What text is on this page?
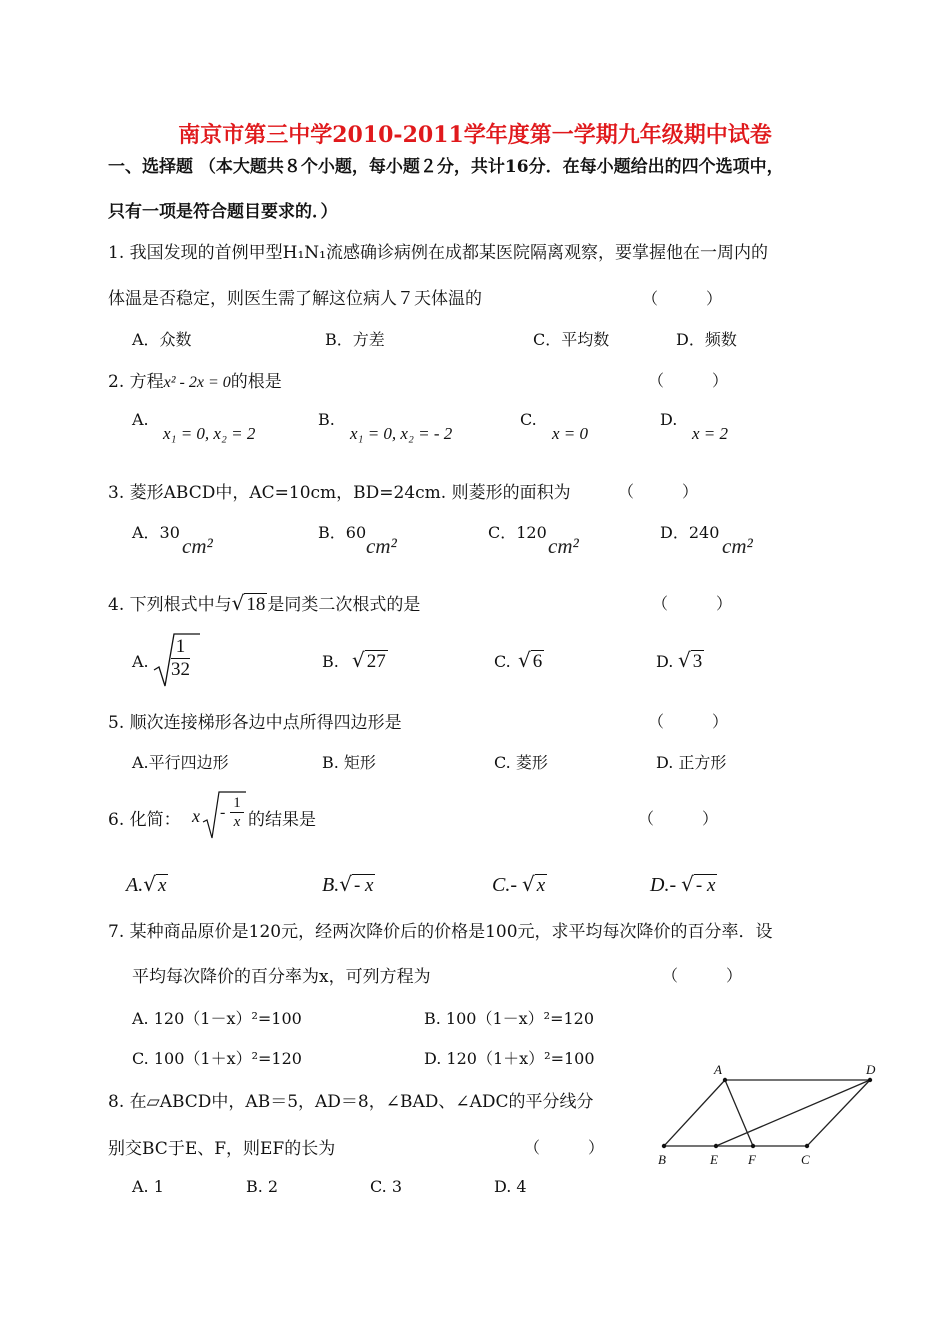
南京市第三中学2010-2011学年度第一学期九年级期中试卷
一、选择题 （本大题共８个小题，每小题２分，共计16分．在每小题给出的四个选项中，
只有一项是符合题目要求的．）
1. 我国发现的首例甲型H₁N₁流感确诊病例在成都某医院隔离观察，要掌握他在一周内的
体温是否稳定，则医生需了解这位病人７天体温的	（　　　）
A．众数	B．方差	C．平均数	D．频数
2. 方程x² - 2x = 0的根是	（　　　）
A.
x₁ = 0, x₂ = 2
B.
x₁ = 0, x₂ = - 2
C.
x = 0
D.
x = 2
3. 菱形ABCD中，AC=10cm，BD=24cm. 则菱形的面积为	（　　　）
A．30
cm²
B．60
cm²
C．120
cm²
D．240
cm²
4. 下列根式中与√ 18 是同类二次根式的是	（　　　）
A. $\frac{1}{32}$	B. √ 27	C. √ 6	D. √ 3
5. 顺次连接梯形各边中点所得四边形是	（　　　）
A.平行四边形	B. 矩形	C. 菱形	D. 正方形
6. 化简： x -
1
x 的结果是	（　　　）
A.√ x	B.√ - x	C.- √ x	D.- √ - x
7. 某种商品原价是120元，经两次降价后的价格是100元，求平均每次降价的百分率．设
平均每次降价的百分率为x，可列方程为	（　　　）
A. 120（1－x）²=100	B. 100（1－x）²=120
C. 100（1＋x）²=120	D. 120（1＋x）²=100
8. 在▱ABCD中，AB＝5，AD＝8，∠BAD、∠ADC的平分线分
别交BC于E、F，则EF的长为	（　　　）
A. 1	B. 2	C. 3	D. 4
A	D
B	E F	C
